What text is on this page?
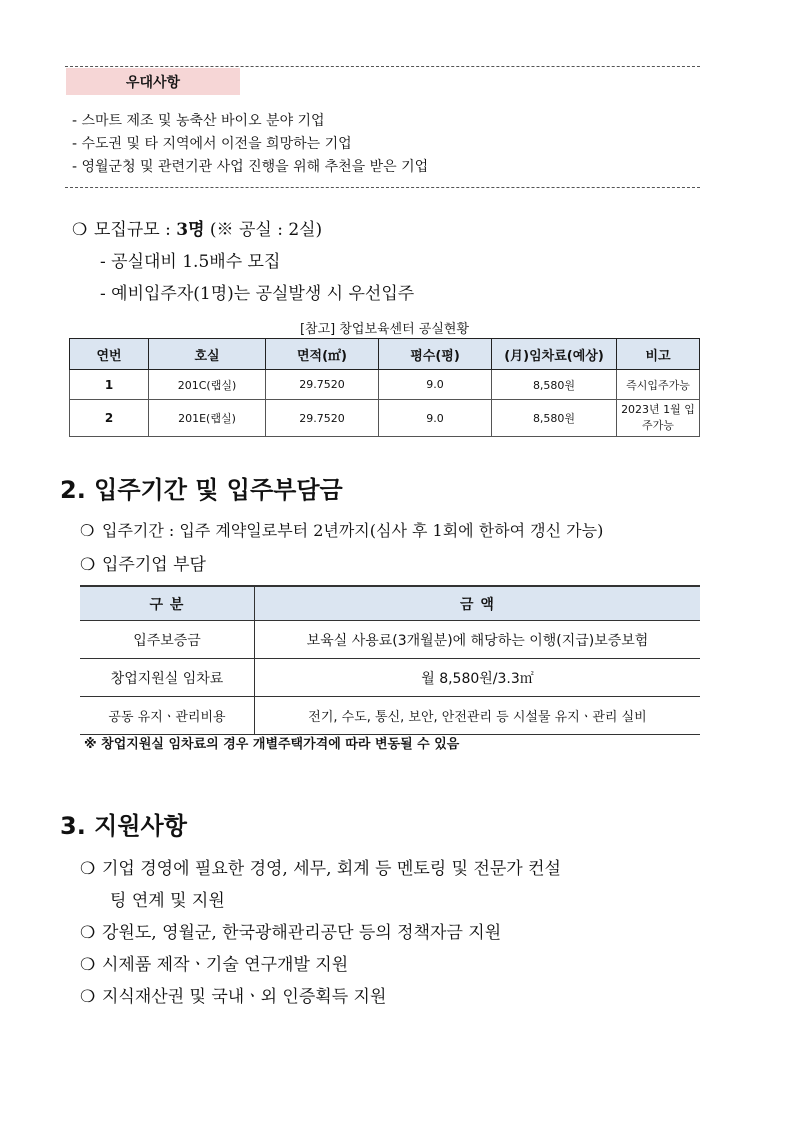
우대사항
- 스마트 제조 및 농축산 바이오 분야 기업
- 수도권 및 타 지역에서 이전을 희망하는 기업
- 영월군청 및 관련기관 사업 진행을 위해 추천을 받은 기업
❍ 모집규모 : 3명 (※ 공실 : 2실)
- 공실대비 1.5배수 모집
- 예비입주자(1명)는 공실발생 시 우선입주
[참고] 창업보육센터 공실현황
연번	호실	면적(㎡)	평수(평)	(月)임차료(예상)	비고
1	201C(랩실)	29.7520	9.0	8,580원	즉시입주가능
2	201E(랩실)	29.7520	9.0	8,580원	2023년 1월 입주가능
2. 입주기간 및 입주부담금
❍ 입주기간 : 입주 계약일로부터 2년까지(심사 후 1회에 한하여 갱신 가능)
❍ 입주기업 부담
구 분	금 액
입주보증금	보육실 사용료(3개월분)에 해당하는 이행(지급)보증보험
창업지원실 임차료	월 8,580원/3.3㎡
공동 유지ㆍ관리비용	전기, 수도, 통신, 보안, 안전관리 등 시설물 유지ㆍ관리 실비
※ 창업지원실 임차료의 경우 개별주택가격에 따라 변동될 수 있음
3. 지원사항
❍ 기업 경영에 필요한 경영, 세무, 회계 등 멘토링 및 전문가 컨설
팅 연계 및 지원
❍ 강원도, 영월군, 한국광해관리공단 등의 정책자금 지원
❍ 시제품 제작ㆍ기술 연구개발 지원
❍ 지식재산권 및 국내ㆍ외 인증획득 지원
